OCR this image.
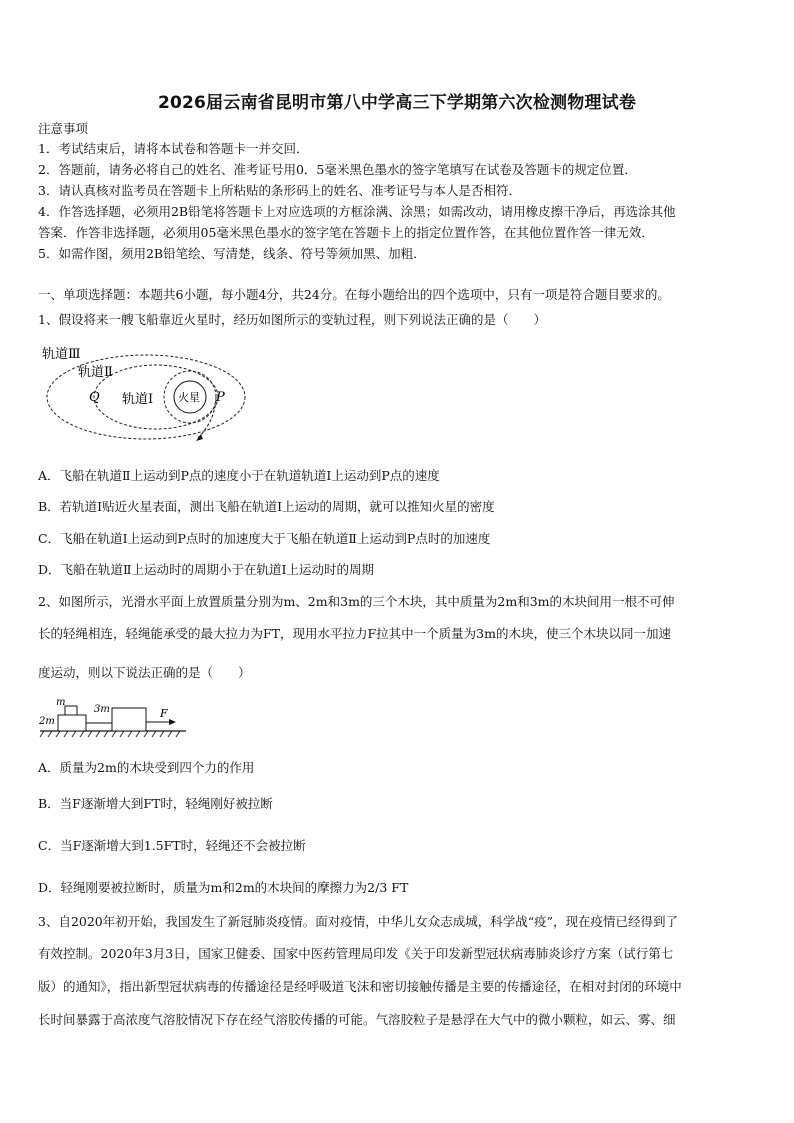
2026届云南省昆明市第八中学高三下学期第六次检测物理试卷
注意事项
1．考试结束后，请将本试卷和答题卡一并交回．
2．答题前，请务必将自己的姓名、准考证号用0．5毫米黑色墨水的签字笔填写在试卷及答题卡的规定位置．
3．请认真核对监考员在答题卡上所粘贴的条形码上的姓名、准考证号与本人是否相符．
4．作答选择题，必须用2B铅笔将答题卡上对应选项的方框涂满、涂黑；如需改动，请用橡皮擦干净后，再选涂其他
答案．作答非选择题，必须用05毫米黑色墨水的签字笔在答题卡上的指定位置作答，在其他位置作答一律无效．
5．如需作图，须用2B铅笔绘、写清楚，线条、符号等须加黑、加粗．
一、单项选择题：本题共6小题，每小题4分，共24分。在每小题给出的四个选项中，只有一项是符合题目要求的。
1、假设将来一艘飞船靠近火星时，经历如图所示的变轨过程，则下列说法正确的是（　　）
轨道Ⅲ
轨道Ⅱ
轨道Ⅰ 火星
Q	P
A．飞船在轨道Ⅱ上运动到P点的速度小于在轨道轨道Ⅰ上运动到P点的速度
B．若轨道Ⅰ贴近火星表面，测出飞船在轨道Ⅰ上运动的周期，就可以推知火星的密度
C．飞船在轨道Ⅰ上运动到P点时的加速度大于飞船在轨道Ⅱ上运动到P点时的加速度
D．飞船在轨道Ⅱ上运动时的周期小于在轨道Ⅰ上运动时的周期
2、如图所示，光滑水平面上放置质量分别为m、2m和3m的三个木块，其中质量为2m和3m的木块间用一根不可伸
长的轻绳相连，轻绳能承受的最大拉力为FT，现用水平拉力F拉其中一个质量为3m的木块，使三个木块以同一加速
度运动，则以下说法正确的是（　　）
m
2m
3m	F
A．质量为2m的木块受到四个力的作用
B．当F逐渐增大到FT时，轻绳刚好被拉断
C．当F逐渐增大到1.5FT时，轻绳还不会被拉断
D．轻绳刚要被拉断时，质量为m和2m的木块间的摩擦力为2/3 FT
3、自2020年初开始，我国发生了新冠肺炎疫情。面对疫情，中华儿女众志成城，科学战“疫”，现在疫情已经得到了
有效控制。2020年3月3日，国家卫健委、国家中医药管理局印发《关于印发新型冠状病毒肺炎诊疗方案（试行第七
版）的通知》，指出新型冠状病毒的传播途径是经呼吸道飞沫和密切接触传播是主要的传播途径，在相对封闭的环境中
长时间暴露于高浓度气溶胶情况下存在经气溶胶传播的可能。气溶胶粒子是悬浮在大气中的微小颗粒，如云、雾、细
